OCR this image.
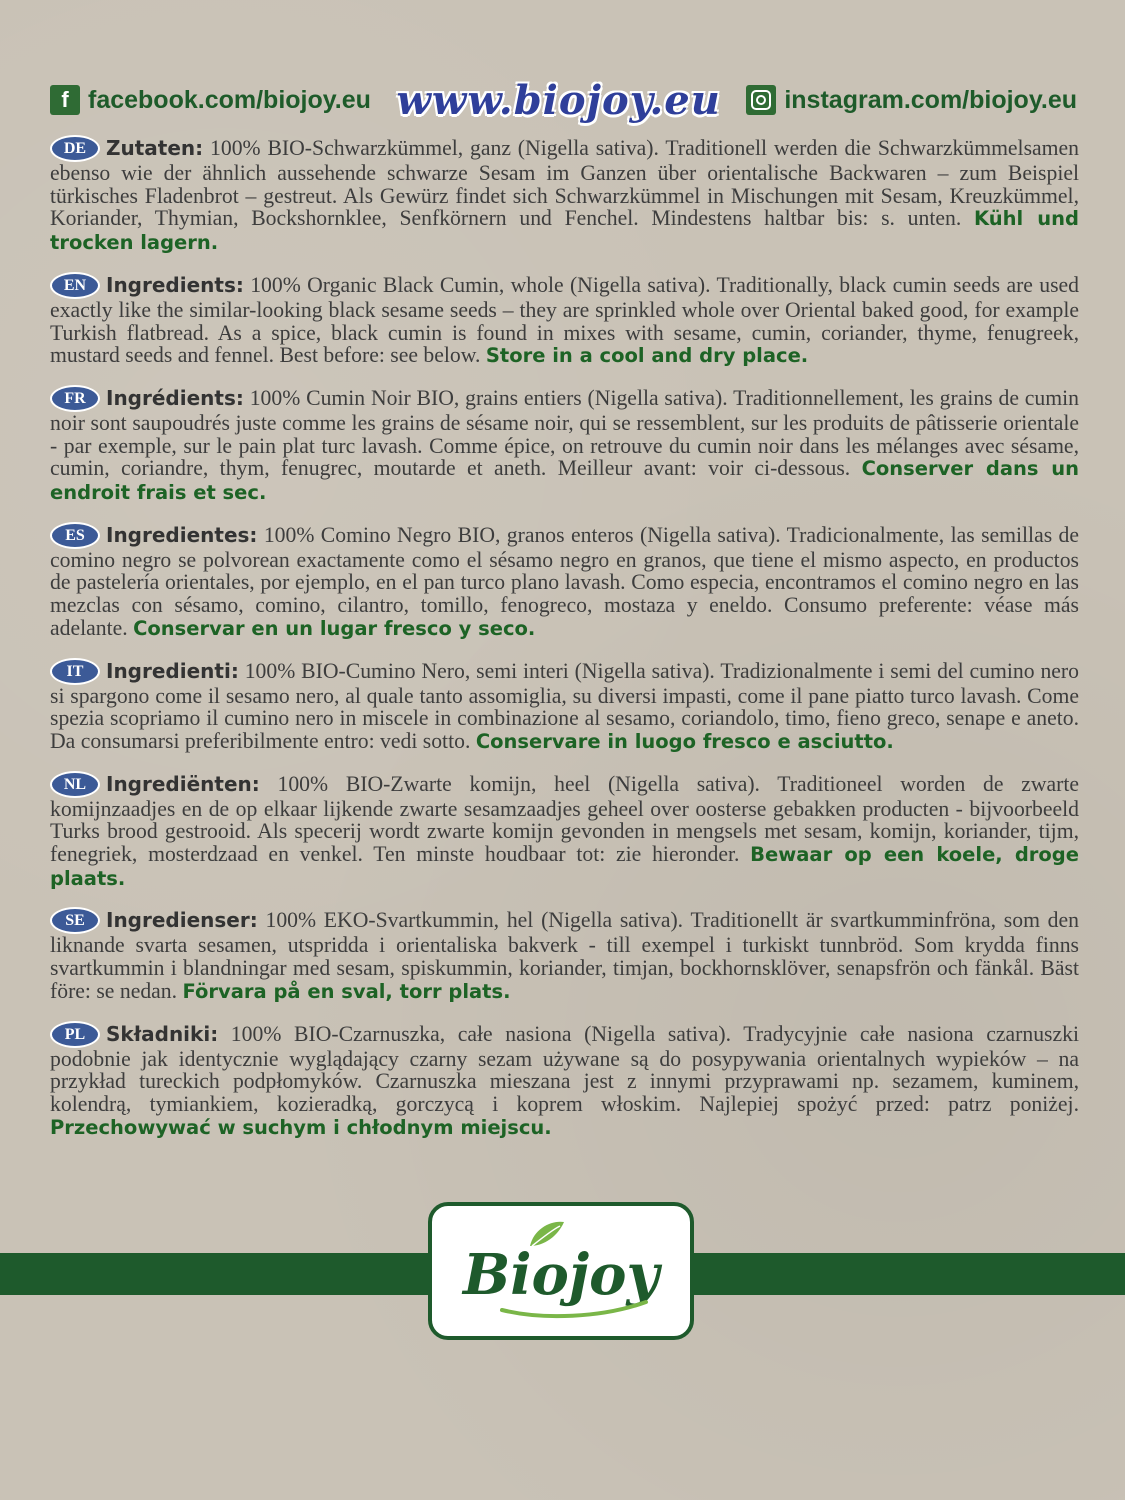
f facebook.com/biojoy.eu www.biojoy.eu	instagram.com/biojoy.eu
DE Zutaten: 100% BIO-Schwarzkümmel, ganz (Nigella sativa). Traditionell werden die Schwarzkümmelsamen ebenso wie der ähnlich aussehende schwarze Sesam im Ganzen über orientalische Backwaren – zum Beispiel türkisches Fladenbrot – gestreut. Als Gewürz findet sich Schwarzkümmel in Mischungen mit Sesam, Kreuzkümmel, Koriander, Thymian, Bockshornklee, Senfkörnern und Fenchel. Mindestens haltbar bis: s. unten. Kühl und trocken lagern.
EN Ingredients: 100% Organic Black Cumin, whole (Nigella sativa). Traditionally, black cumin seeds are used exactly like the similar-looking black sesame seeds – they are sprinkled whole over Oriental baked good, for example Turkish flatbread. As a spice, black cumin is found in mixes with sesame, cumin, coriander, thyme, fenugreek, mustard seeds and fennel. Best before: see below. Store in a cool and dry place.
FR Ingrédients: 100% Cumin Noir BIO, grains entiers (Nigella sativa). Traditionnellement, les grains de cumin noir sont saupoudrés juste comme les grains de sésame noir, qui se ressemblent, sur les produits de pâtisserie orientale - par exemple, sur le pain plat turc lavash. Comme épice, on retrouve du cumin noir dans les mélanges avec sésame, cumin, coriandre, thym, fenugrec, moutarde et aneth. Meilleur avant: voir ci-dessous. Conserver dans un endroit frais et sec.
ES Ingredientes: 100% Comino Negro BIO, granos enteros (Nigella sativa). Tradicionalmente, las semillas de comino negro se polvorean exactamente como el sésamo negro en granos, que tiene el mismo aspecto, en productos de pastelería orientales, por ejemplo, en el pan turco plano lavash. Como especia, encontramos el comino negro en las mezclas con sésamo, comino, cilantro, tomillo, fenogreco, mostaza y eneldo. Consumo preferente: véase más adelante. Conservar en un lugar fresco y seco.
IT Ingredienti: 100% BIO-Cumino Nero, semi interi (Nigella sativa). Tradizionalmente i semi del cumino nero si spargono come il sesamo nero, al quale tanto assomiglia, su diversi impasti, come il pane piatto turco lavash. Come spezia scopriamo il cumino nero in miscele in combinazione al sesamo, coriandolo, timo, fieno greco, senape e aneto. Da consumarsi preferibilmente entro: vedi sotto. Conservare in luogo fresco e asciutto.
NL Ingrediënten: 100% BIO-Zwarte komijn, heel (Nigella sativa). Traditioneel worden de zwarte komijnzaadjes en de op elkaar lijkende zwarte sesamzaadjes geheel over oosterse gebakken producten - bijvoorbeeld Turks brood gestrooid. Als specerij wordt zwarte komijn gevonden in mengsels met sesam, komijn, koriander, tijm, fenegriek, mosterdzaad en venkel. Ten minste houdbaar tot: zie hieronder. Bewaar op een koele, droge plaats.
SE Ingredienser: 100% EKO-Svartkummin, hel (Nigella sativa). Traditionellt är svartkumminfröna, som den liknande svarta sesamen, utspridda i orientaliska bakverk - till exempel i turkiskt tunnbröd. Som krydda finns svartkummin i blandningar med sesam, spiskummin, koriander, timjan, bockhornsklöver, senapsfrön och fänkål. Bäst före: se nedan. Förvara på en sval, torr plats.
PL Składniki: 100% BIO-Czarnuszka, całe nasiona (Nigella sativa). Tradycyjnie całe nasiona czarnuszki podobnie jak identycznie wyglądający czarny sezam używane są do posypywania orientalnych wypieków – na przykład tureckich podpłomyków. Czarnuszka mieszana jest z innymi przyprawami np. sezamem, kuminem, kolendrą, tymiankiem, kozieradką, gorczycą i koprem włoskim. Najlepiej spożyć przed: patrz poniżej. Przechowywać w suchym i chłodnym miejscu.
Biojoy
